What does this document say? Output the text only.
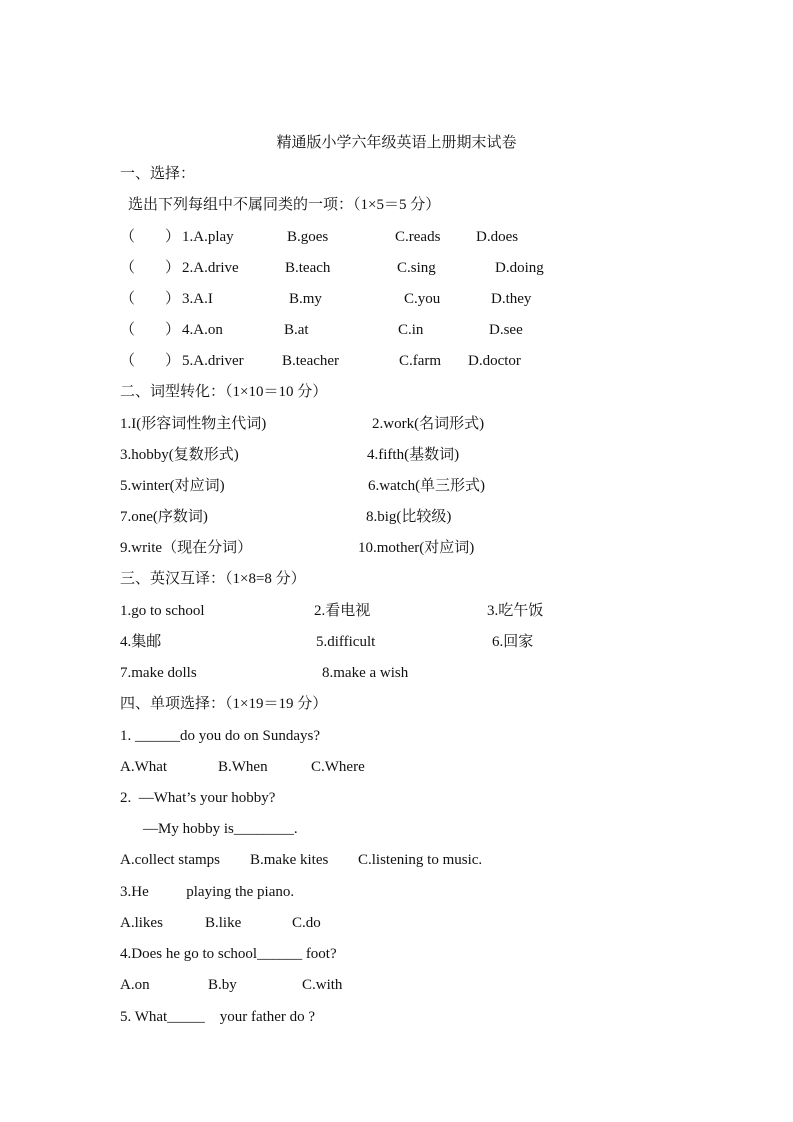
精通版小学六年级英语上册期末试卷
一、选择：
选出下列每组中不属同类的一项：（1×5＝5 分）
（        ） 1.A.play	B.goes	C.reads D.does
（        ） 2.A.drive	B.teach	C.sing	D.doing
（        ） 3.A.I	B.my	C.you	D.they
（        ） 4.A.on	B.at	C.in	D.see
（        ） 5.A.driver	B.teacher	C.farm D.doctor
二、词型转化：（1×10＝10 分）
1.I(形容词性物主代词)	2.work(名词形式)
3.hobby(复数形式)	4.fifth(基数词)
5.winter(对应词)	6.watch(单三形式)
7.one(序数词)	8.big(比较级)
9.write（现在分词）	10.mother(对应词)
三、英汉互译：（1×8=8 分）
1.go to school	2.看电视	3.吃午饭
4.集邮	5.difficult	6.回家
7.make dolls	8.make a wish
四、单项选择：（1×19＝19 分）
1. ______do you do on Sundays?
A.What	B.When	C.Where
2.  —What’s your hobby?
—My hobby is________.
A.collect stamps B.make kites C.listening to music.
3.He          playing the piano.
A.likes	B.like	C.do
4.Does he go to school______ foot?
A.on	B.by	C.with
5. What_____    your father do ?
